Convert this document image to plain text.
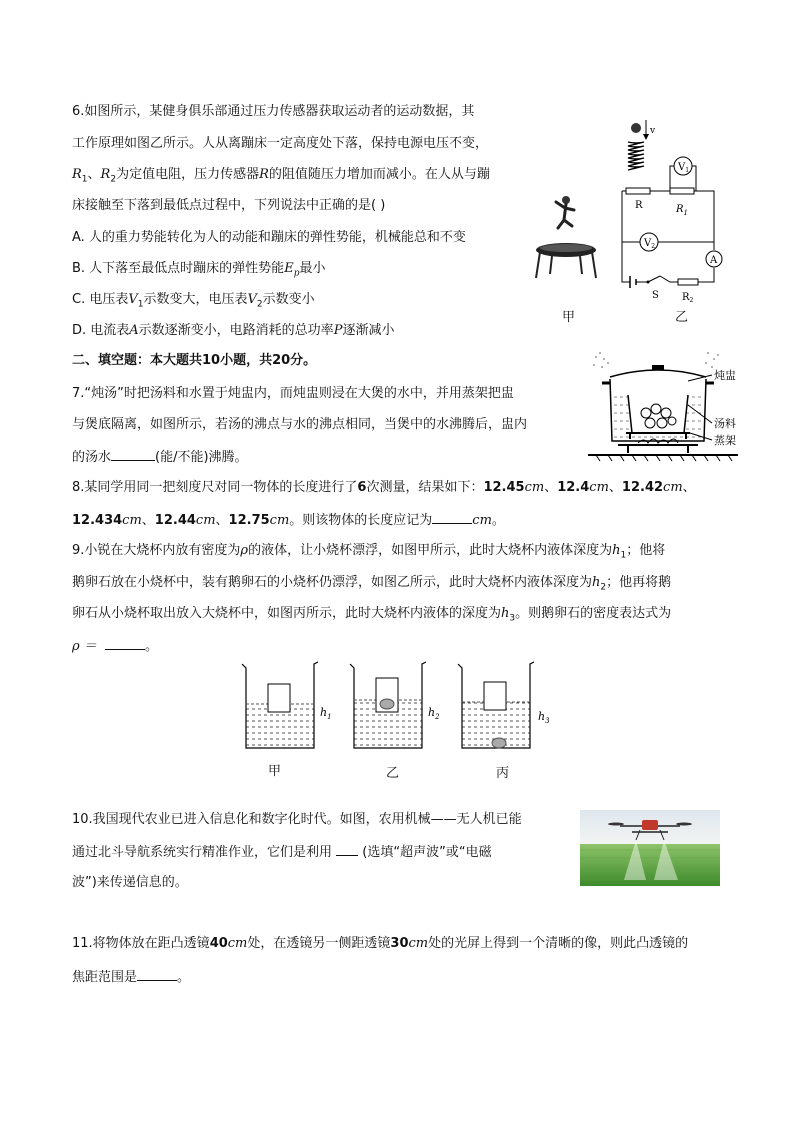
6.如图所示，某健身俱乐部通过压力传感器获取运动者的运动数据，其
工作原理如图乙所示。人从离蹦床一定高度处下落，保持电源电压不变，
$R_1$、$R_2$为定值电阻，压力传感器R的阻值随压力增加而减小。在人从与蹦
床接触至下落到最低点过程中，下列说法中正确的是( )
A. 人的重力势能转化为人的动能和蹦床的弹性势能，机械能总和不变
B. 人下落至最低点时蹦床的弹性势能$E_p$最小
C. 电压表$V_1$示数变大，电压表$V_2$示数变小
D. 电流表A示数逐渐变小，电路消耗的总功率P逐渐减小
甲
v
R	$R_1$
$V_1$
$V_2$
A
S $R_2$
乙
二、填空题：本大题共10小题，共20分。
7.“炖汤”时把汤料和水置于炖盅内，而炖盅则浸在大煲的水中，并用蒸架把盅
与煲底隔离，如图所示，若汤的沸点与水的沸点相同，当煲中的水沸腾后，盅内
的汤水	(能/不能)沸腾。
炖盅
汤料
蒸架
8.某同学用同一把刻度尺对同一物体的长度进行了6次测量，结果如下：12.45cm、12.4cm、12.42cm、
12.434cm、12.44cm、12.75cm。则该物体的长度应记为	cm。
9.小锐在大烧杯内放有密度为ρ的液体，让小烧杯漂浮，如图甲所示，此时大烧杯内液体深度为$h_1$；他将
鹅卵石放在小烧杯中，装有鹅卵石的小烧杯仍漂浮，如图乙所示，此时大烧杯内液体深度为$h_2$；他再将鹅
卵石从小烧杯取出放入大烧杯中，如图丙所示，此时大烧杯内液体的深度为$h_3$。则鹅卵石的密度表达式为
ρ ＝	。
$h_1$	$h_2$	$h_3$
甲	乙	丙
10.我国现代农业已进入信息化和数字化时代。如图，农用机械——无人机已能
通过北斗导航系统实行精准作业，它们是利用 (选填“超声波”或“电磁
波”)来传递信息的。
11.将物体放在距凸透镜40cm处，在透镜另一侧距透镜30cm处的光屏上得到一个清晰的像，则此凸透镜的
焦距范围是	。
